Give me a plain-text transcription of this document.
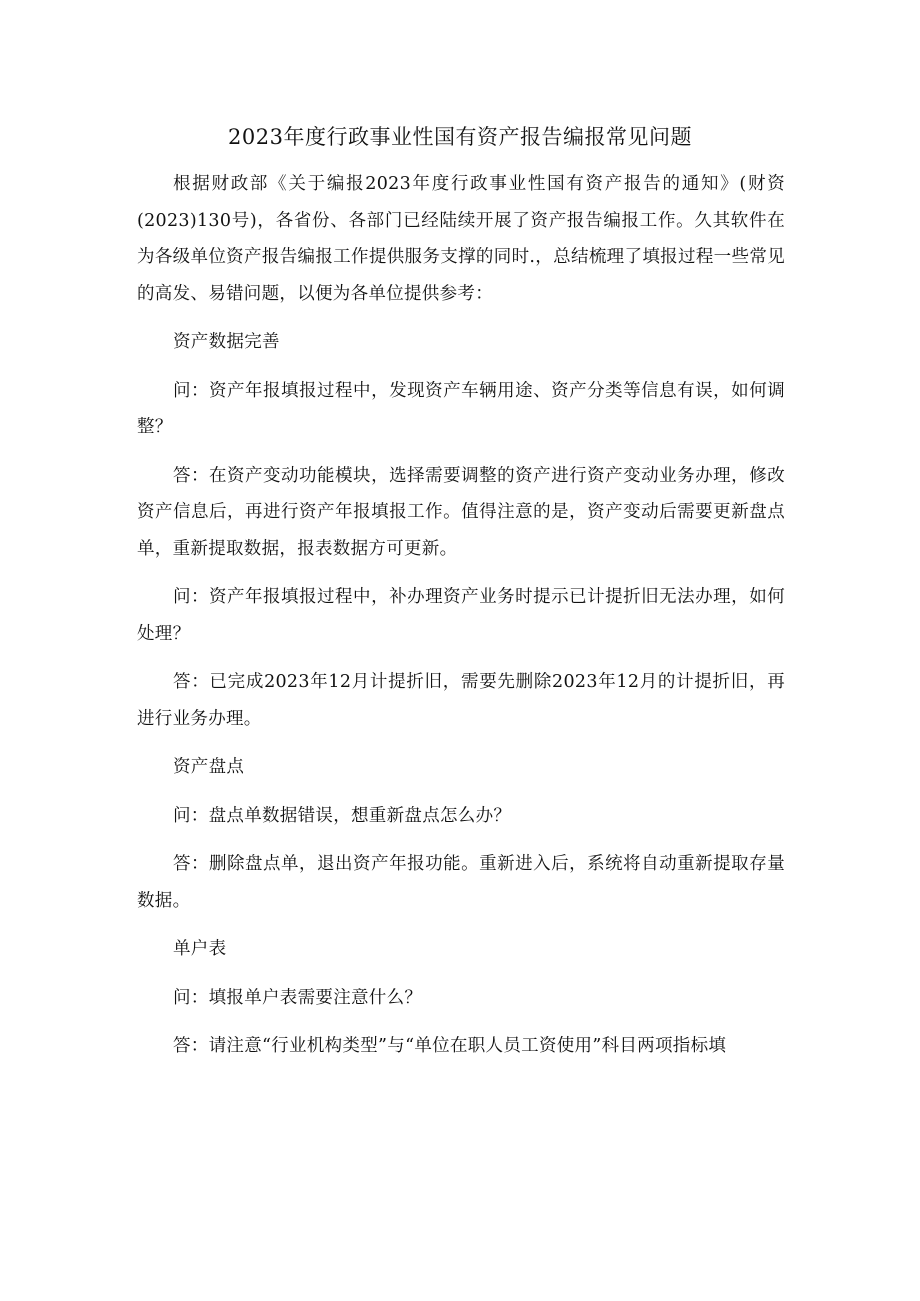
2023年度行政事业性国有资产报告编报常见问题

根据财政部《关于编报2023年度行政事业性国有资产报告的通知》(财资(2023)130号)，各省份、各部门已经陆续开展了资产报告编报工作。久其软件在为各级单位资产报告编报工作提供服务支撑的同时.，总结梳理了填报过程一些常见的高发、易错问题，以便为各单位提供参考：

资产数据完善

问：资产年报填报过程中，发现资产车辆用途、资产分类等信息有误，如何调整？

答：在资产变动功能模块，选择需要调整的资产进行资产变动业务办理，修改资产信息后，再进行资产年报填报工作。值得注意的是，资产变动后需要更新盘点单，重新提取数据，报表数据方可更新。

问：资产年报填报过程中，补办理资产业务时提示已计提折旧无法办理，如何处理？

答：已完成2023年12月计提折旧，需要先删除2023年12月的计提折旧，再进行业务办理。

资产盘点

问：盘点单数据错误，想重新盘点怎么办？

答：删除盘点单，退出资产年报功能。重新进入后，系统将自动重新提取存量数据。

单户表

问：填报单户表需要注意什么？

答：请注意“行业机构类型”与“单位在职人员工资使用”科目两项指标填
